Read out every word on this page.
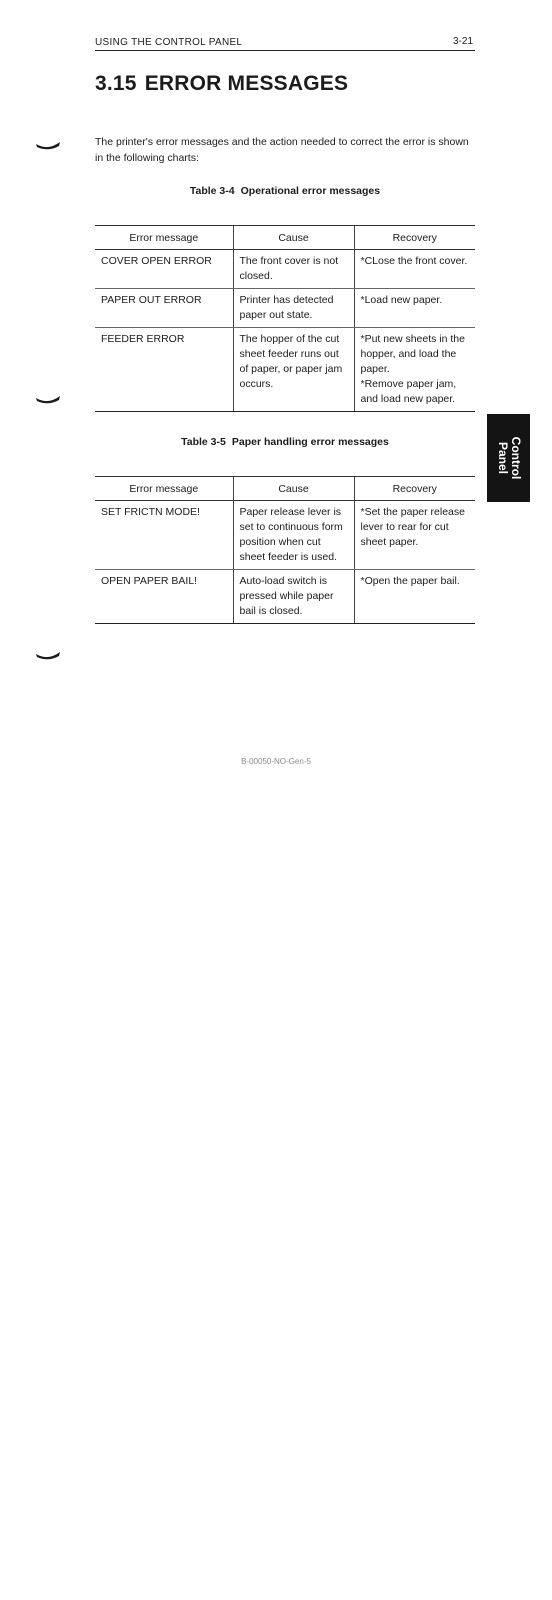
USING THE CONTROL PANEL	3-21
3.15 ERROR MESSAGES

The printer's error messages and the action needed to correct the error is shown in the following charts:

Control
Panel
Table 3-4 Operational error messages
Error message	Cause	Recovery
COVER OPEN ERROR	The front cover is not closed.	*CLose the front cover.

PAPER OUT ERROR	Printer has detected paper out state.	*Load new paper.

FEEDER ERROR	The hopper of the cut sheet feeder runs out of paper, or paper jam occurs.	*Put new sheets in the hopper, and load the paper.
*Remove paper jam, and load new paper.
Table 3-5 Paper handling error messages
Error message	Cause	Recovery
SET FRICTN MODE!	Paper release lever is set to continuous form position when cut sheet feeder is used.	*Set the paper release lever to rear for cut sheet paper.

OPEN PAPER BAIL!	Auto-load switch is pressed while paper bail is closed.	*Open the paper bail.
B-00050-NO-Gen-5
